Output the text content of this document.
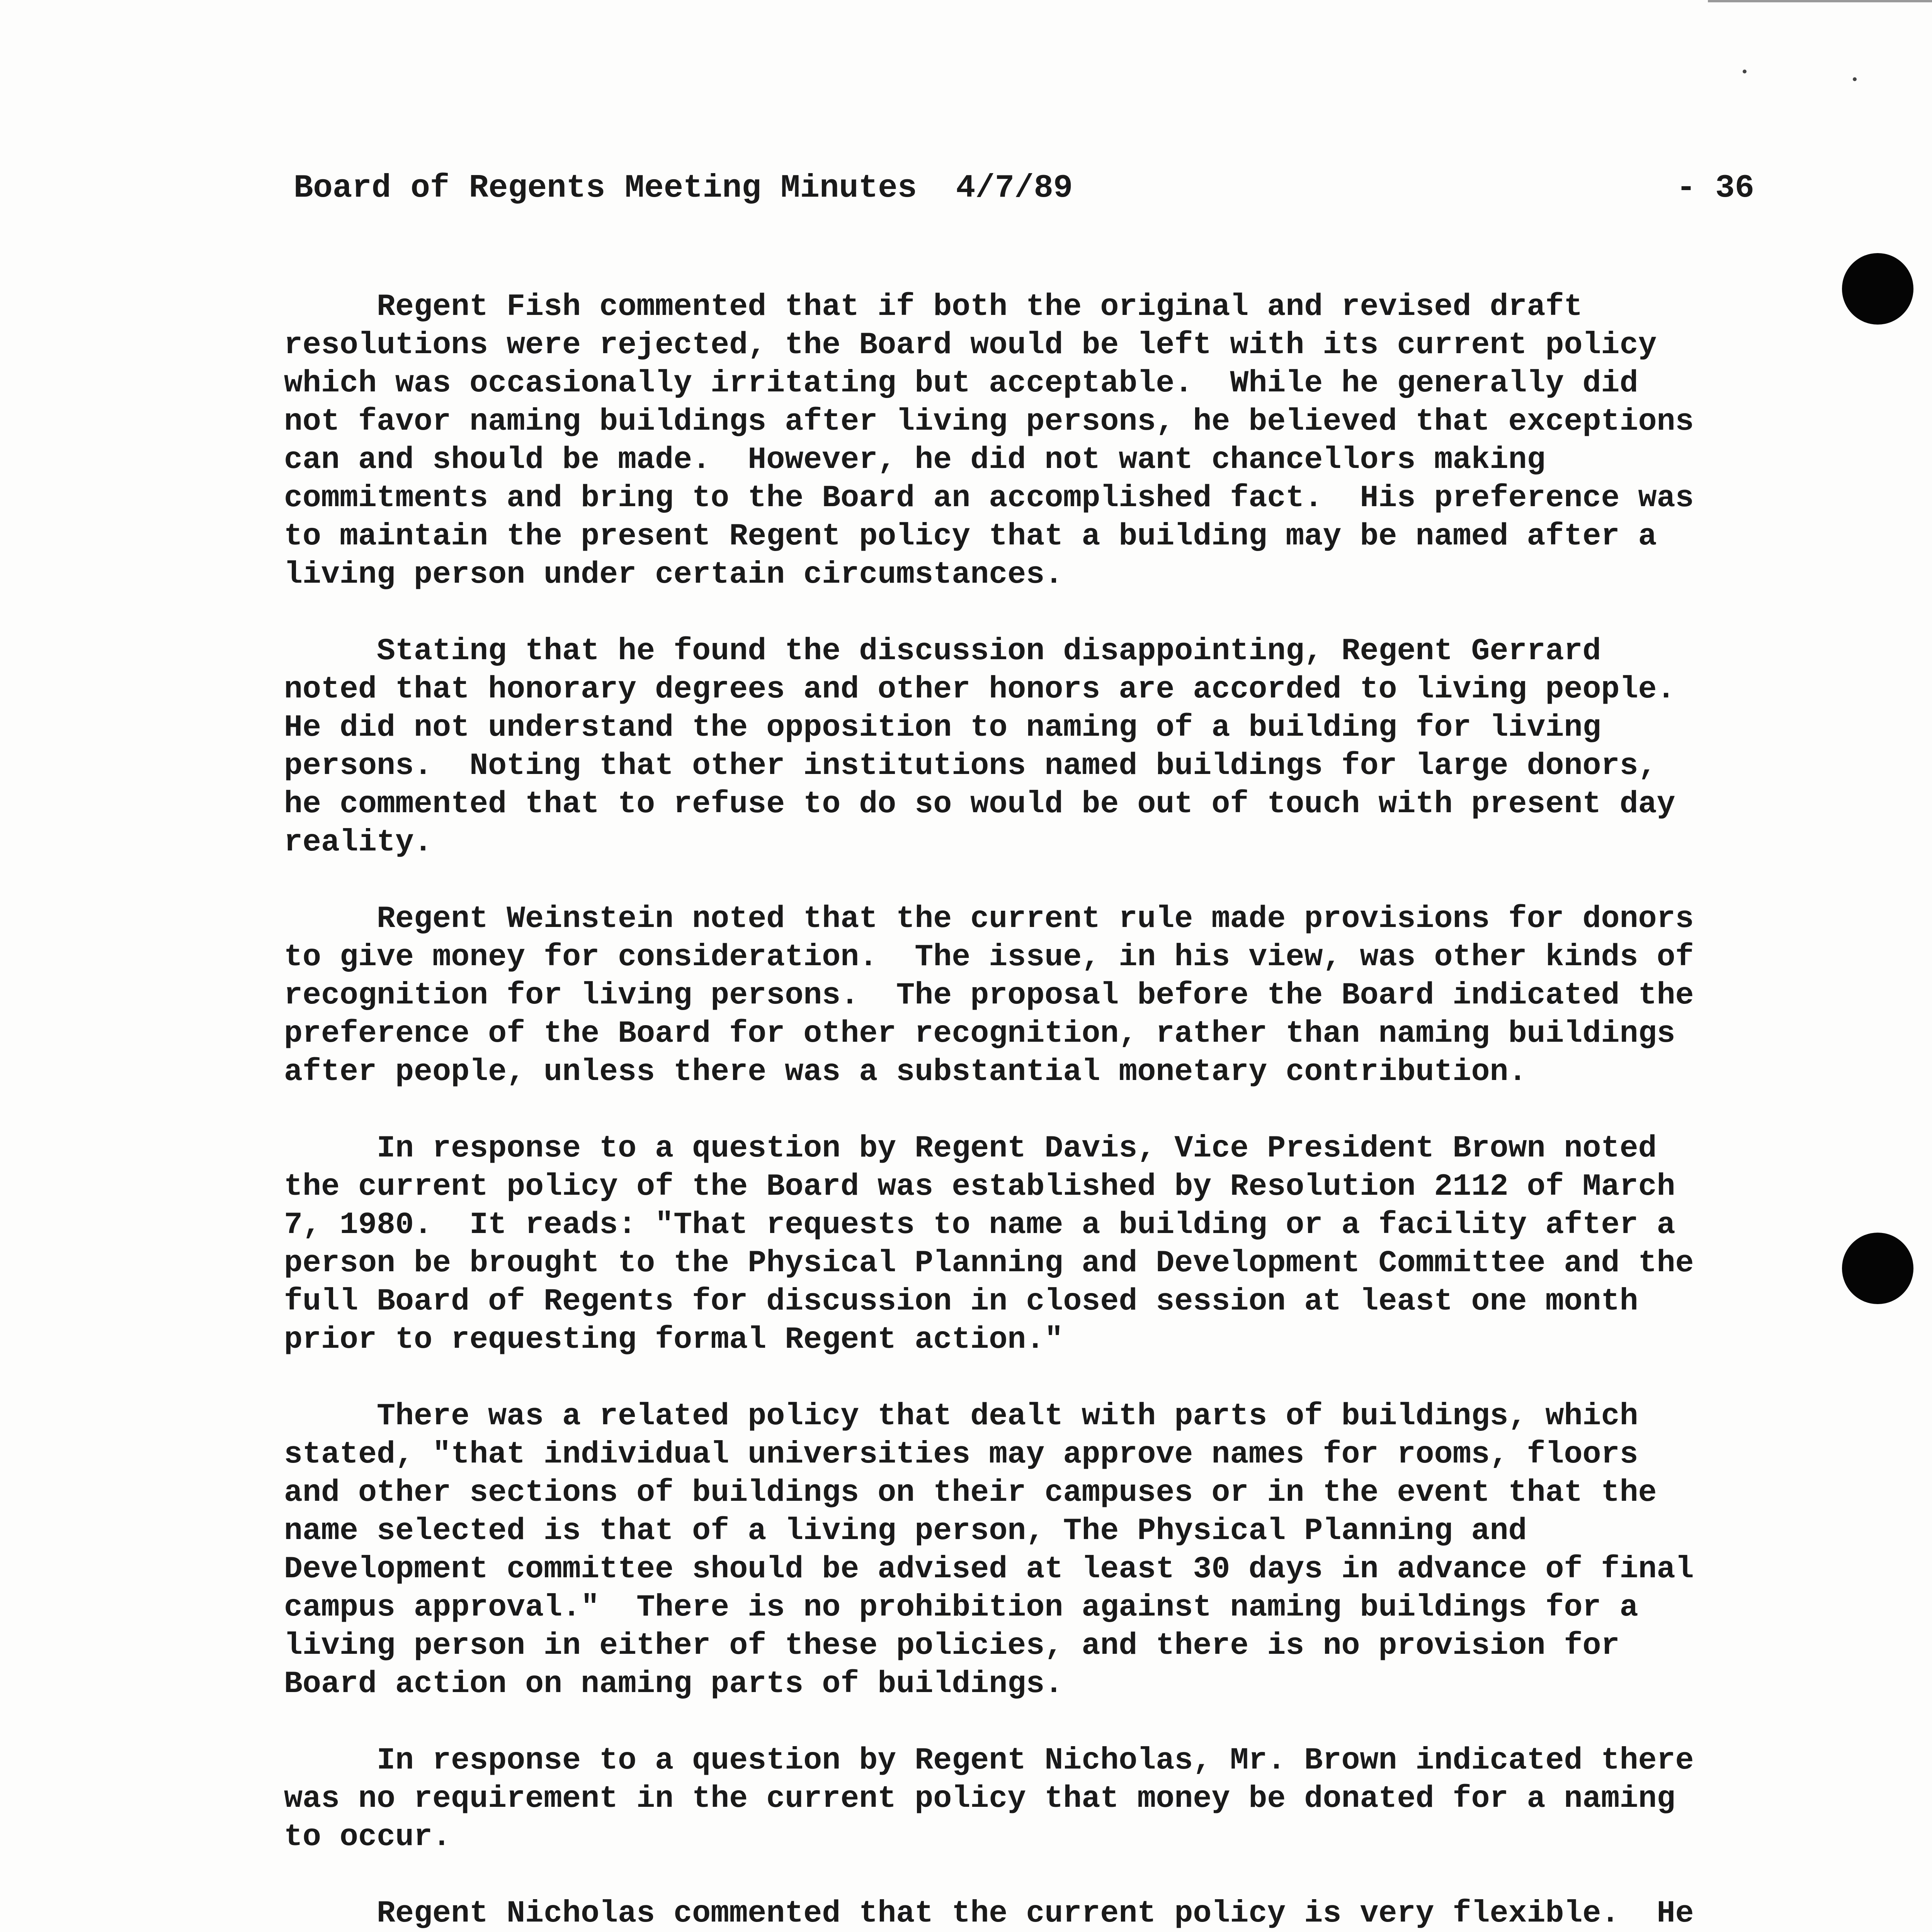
Board of Regents Meeting Minutes  4/7/89	- 36
Regent Fish commented that if both the original and revised draft
resolutions were rejected, the Board would be left with its current policy
which was occasionally irritating but acceptable.  While he generally did
not favor naming buildings after living persons, he believed that exceptions
can and should be made.  However, he did not want chancellors making
commitments and bring to the Board an accomplished fact.  His preference was
to maintain the present Regent policy that a building may be named after a
living person under certain circumstances.
Stating that he found the discussion disappointing, Regent Gerrard
noted that honorary degrees and other honors are accorded to living people.
He did not understand the opposition to naming of a building for living
persons.  Noting that other institutions named buildings for large donors,
he commented that to refuse to do so would be out of touch with present day
reality.
Regent Weinstein noted that the current rule made provisions for donors
to give money for consideration.  The issue, in his view, was other kinds of
recognition for living persons.  The proposal before the Board indicated the
preference of the Board for other recognition, rather than naming buildings
after people, unless there was a substantial monetary contribution.
In response to a question by Regent Davis, Vice President Brown noted
the current policy of the Board was established by Resolution 2112 of March
7, 1980.  It reads: "That requests to name a building or a facility after a
person be brought to the Physical Planning and Development Committee and the
full Board of Regents for discussion in closed session at least one month
prior to requesting formal Regent action."
There was a related policy that dealt with parts of buildings, which
stated, "that individual universities may approve names for rooms, floors
and other sections of buildings on their campuses or in the event that the
name selected is that of a living person, The Physical Planning and
Development committee should be advised at least 30 days in advance of final
campus approval."  There is no prohibition against naming buildings for a
living person in either of these policies, and there is no provision for
Board action on naming parts of buildings.
In response to a question by Regent Nicholas, Mr. Brown indicated there
was no requirement in the current policy that money be donated for a naming
to occur.
Regent Nicholas commented that the current policy is very flexible.  He
